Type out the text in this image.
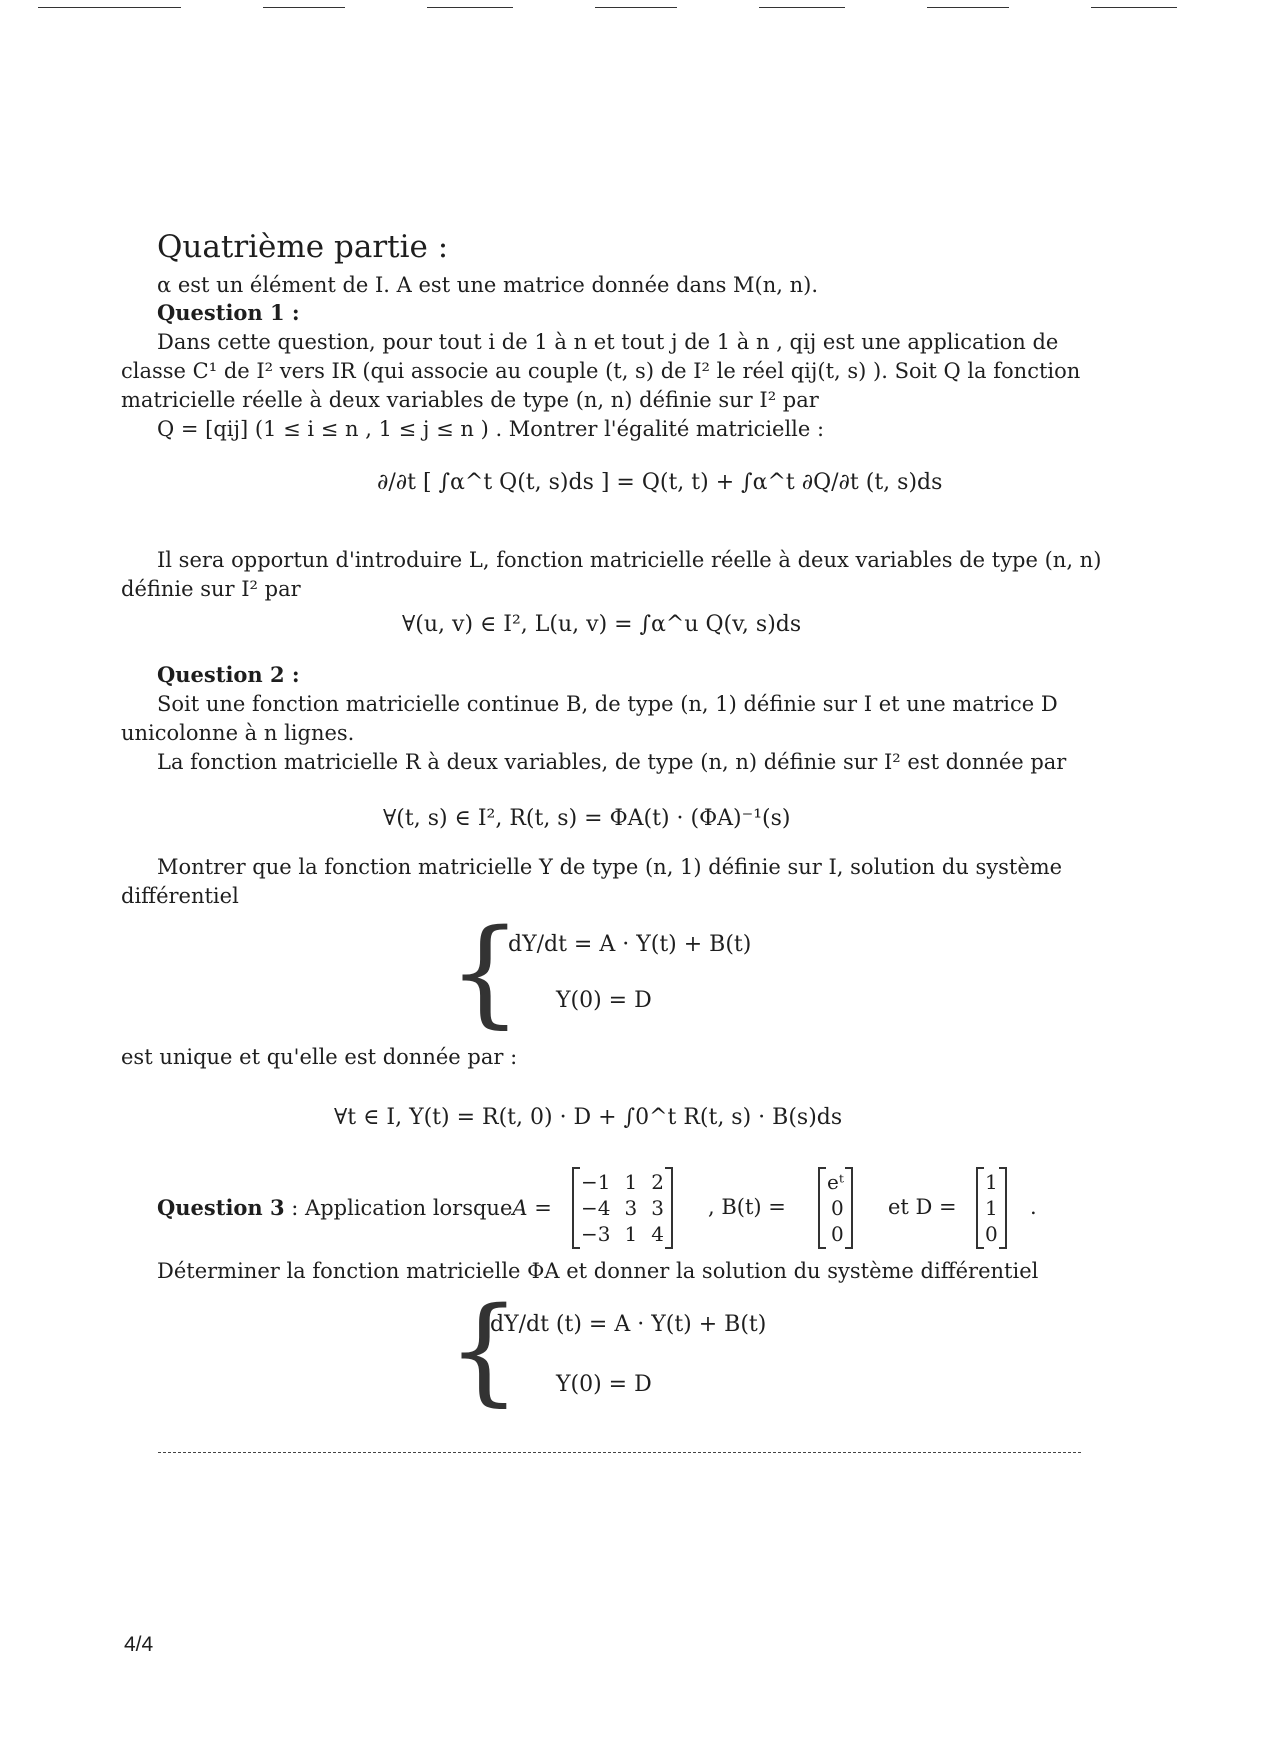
Quatrième partie :
α est un élément de I. A est une matrice donnée dans M(n, n).
Question 1 :
Dans cette question, pour tout i de 1 à n et tout j de 1 à n , qij est une application de
classe C¹ de I² vers IR (qui associe au couple (t, s) de I² le réel qij(t, s) ). Soit Q la fonction
matricielle réelle à deux variables de type (n, n) définie sur I² par
Q = [qij] (1 ≤ i ≤ n , 1 ≤ j ≤ n ) . Montrer l'égalité matricielle :
∂/∂t [ ∫α^t Q(t, s)ds ] = Q(t, t) + ∫α^t ∂Q/∂t (t, s)ds
Il sera opportun d'introduire L, fonction matricielle réelle à deux variables de type (n, n)
définie sur I² par
∀(u, v) ∈ I², L(u, v) = ∫α^u Q(v, s)ds
Question 2 :
Soit une fonction matricielle continue B, de type (n, 1) définie sur I et une matrice D
unicolonne à n lignes.
La fonction matricielle R à deux variables, de type (n, n) définie sur I² est donnée par
∀(t, s) ∈ I², R(t, s) = ΦA(t) · (ΦA)⁻¹(s)
Montrer que la fonction matricielle Y de type (n, 1) définie sur I, solution du système
différentiel
{
dY/dt = A · Y(t) + B(t)
Y(0) = D
est unique et qu'elle est donnée par :
∀t ∈ I, Y(t) = R(t, 0) · D + ∫0^t R(t, s) · B(s)ds
Question 3 : Application lorsqueA =
−1	1	2
−4	3	3
−3	1	4
, B(t) =
eᵗ
0
0
et D =
1
1
0
.
Déterminer la fonction matricielle ΦA et donner la solution du système différentiel
{
dY/dt (t) = A · Y(t) + B(t)
Y(0) = D
4/4
